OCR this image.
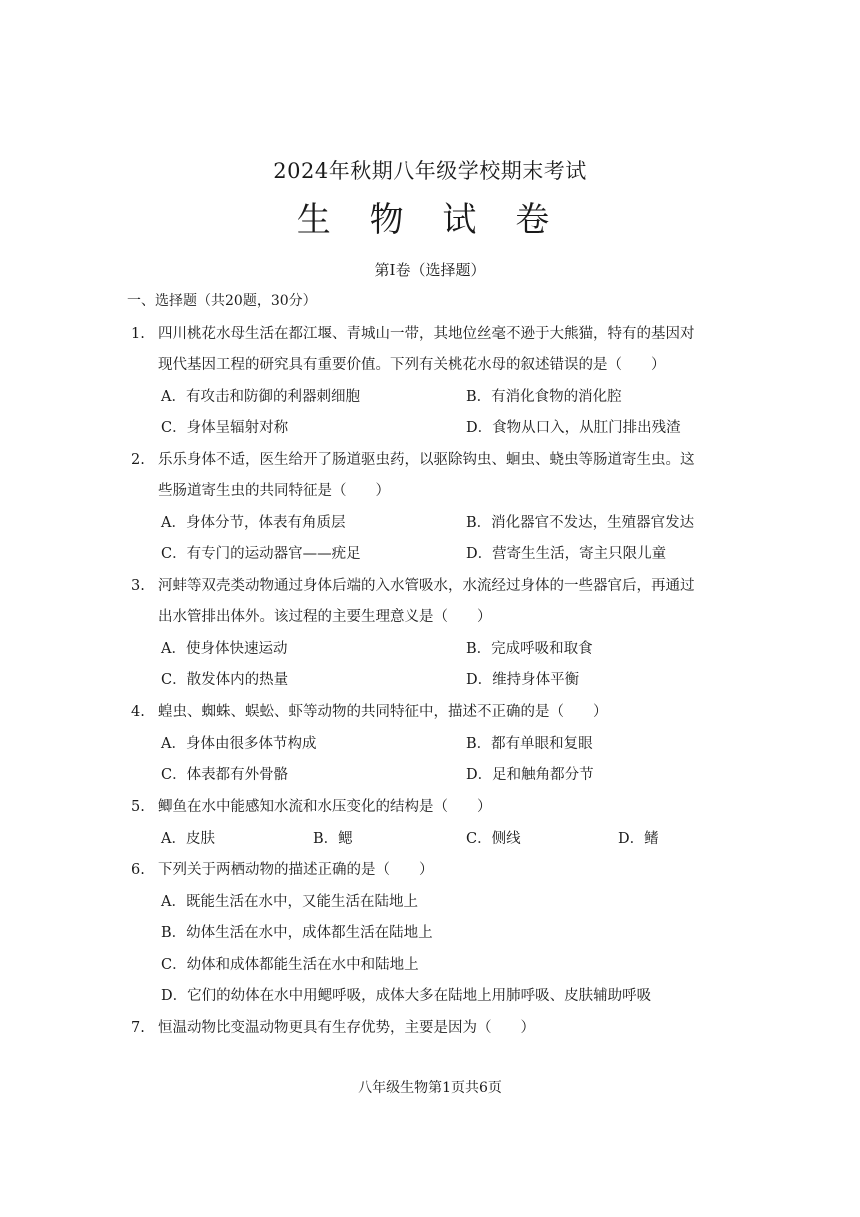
2024年秋期八年级学校期末考试
生 物 试 卷
第Ⅰ卷（选择题）
一、选择题（共20题，30分）
1. 四川桃花水母生活在都江堰、青城山一带，其地位丝毫不逊于大熊猫，特有的基因对
现代基因工程的研究具有重要价值。下列有关桃花水母的叙述错误的是（　　）
A．有攻击和防御的利器刺细胞	B．有消化食物的消化腔
C．身体呈辐射对称	D．食物从口入，从肛门排出残渣
2. 乐乐身体不适，医生给开了肠道驱虫药，以驱除钩虫、蛔虫、蛲虫等肠道寄生虫。这
些肠道寄生虫的共同特征是（　　）
A．身体分节，体表有角质层	B．消化器官不发达，生殖器官发达
C．有专门的运动器官——疣足	D．营寄生生活，寄主只限儿童
3. 河蚌等双壳类动物通过身体后端的入水管吸水，水流经过身体的一些器官后，再通过
出水管排出体外。该过程的主要生理意义是（　　）
A．使身体快速运动	B．完成呼吸和取食
C．散发体内的热量	D．维持身体平衡
4. 蝗虫、蜘蛛、蜈蚣、虾等动物的共同特征中，描述不正确的是（　　）
A．身体由很多体节构成	B．都有单眼和复眼
C．体表都有外骨骼	D．足和触角都分节
5. 鲫鱼在水中能感知水流和水压变化的结构是（　　）
A．皮肤	B．鳃	C．侧线	D．鳍
6. 下列关于两栖动物的描述正确的是（　　）
A．既能生活在水中，又能生活在陆地上
B．幼体生活在水中，成体都生活在陆地上
C．幼体和成体都能生活在水中和陆地上
D．它们的幼体在水中用鳃呼吸，成体大多在陆地上用肺呼吸、皮肤辅助呼吸
7. 恒温动物比变温动物更具有生存优势，主要是因为（　　）
八年级生物第1页共6页
